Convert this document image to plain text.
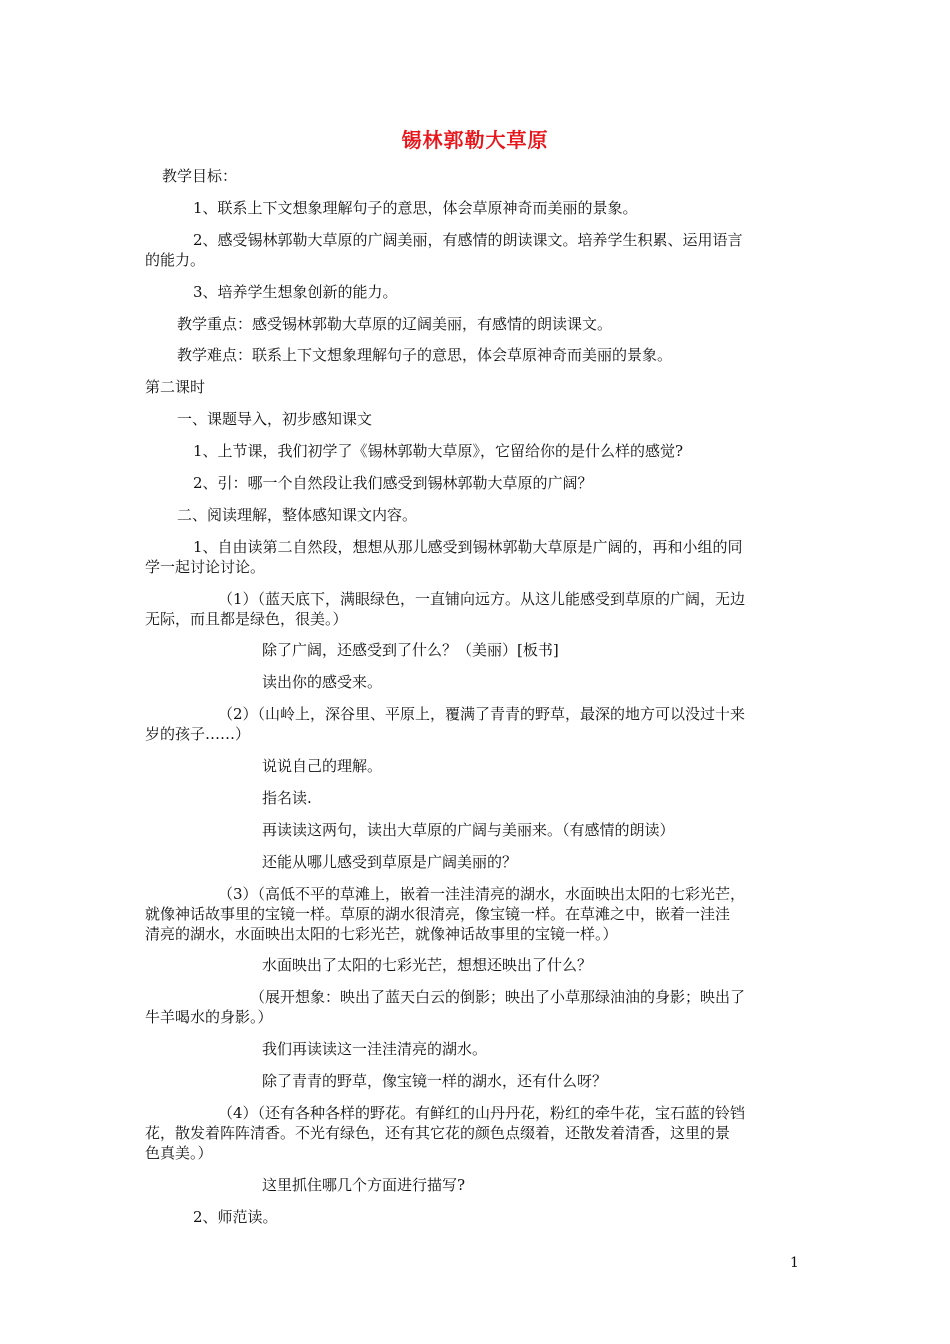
锡林郭勒大草原
教学目标：
1、联系上下文想象理解句子的意思，体会草原神奇而美丽的景象。
2、感受锡林郭勒大草原的广阔美丽，有感情的朗读课文。培养学生积累、运用语言
的能力。
3、培养学生想象创新的能力。
教学重点：感受锡林郭勒大草原的辽阔美丽，有感情的朗读课文。
教学难点：联系上下文想象理解句子的意思，体会草原神奇而美丽的景象。
第二课时
一、课题导入，初步感知课文
1、上节课，我们初学了《锡林郭勒大草原》，它留给你的是什么样的感觉?
2、引：哪一个自然段让我们感受到锡林郭勒大草原的广阔？
二、阅读理解，整体感知课文内容。
1、自由读第二自然段，想想从那儿感受到锡林郭勒大草原是广阔的，再和小组的同
学一起讨论讨论。
（1）（蓝天底下，满眼绿色，一直铺向远方。从这儿能感受到草原的广阔，无边
无际，而且都是绿色，很美。）
除了广阔，还感受到了什么？（美丽）[板书]
读出你的感受来。
（2）（山岭上，深谷里、平原上，覆满了青青的野草，最深的地方可以没过十来
岁的孩子……）
说说自己的理解。
指名读.
再读读这两句，读出大草原的广阔与美丽来。（有感情的朗读）
还能从哪儿感受到草原是广阔美丽的？
（3）（高低不平的草滩上，嵌着一洼洼清亮的湖水，水面映出太阳的七彩光芒，
就像神话故事里的宝镜一样。草原的湖水很清亮，像宝镜一样。在草滩之中，嵌着一洼洼
清亮的湖水，水面映出太阳的七彩光芒，就像神话故事里的宝镜一样。）
水面映出了太阳的七彩光芒，想想还映出了什么？
（展开想象：映出了蓝天白云的倒影；映出了小草那绿油油的身影；映出了
牛羊喝水的身影。）
我们再读读这一洼洼清亮的湖水。
除了青青的野草，像宝镜一样的湖水，还有什么呀？
（4）（还有各种各样的野花。有鲜红的山丹丹花，粉红的牵牛花，宝石蓝的铃铛
花，散发着阵阵清香。不光有绿色，还有其它花的颜色点缀着，还散发着清香，这里的景
色真美。）
这里抓住哪几个方面进行描写?
2、师范读。
1
